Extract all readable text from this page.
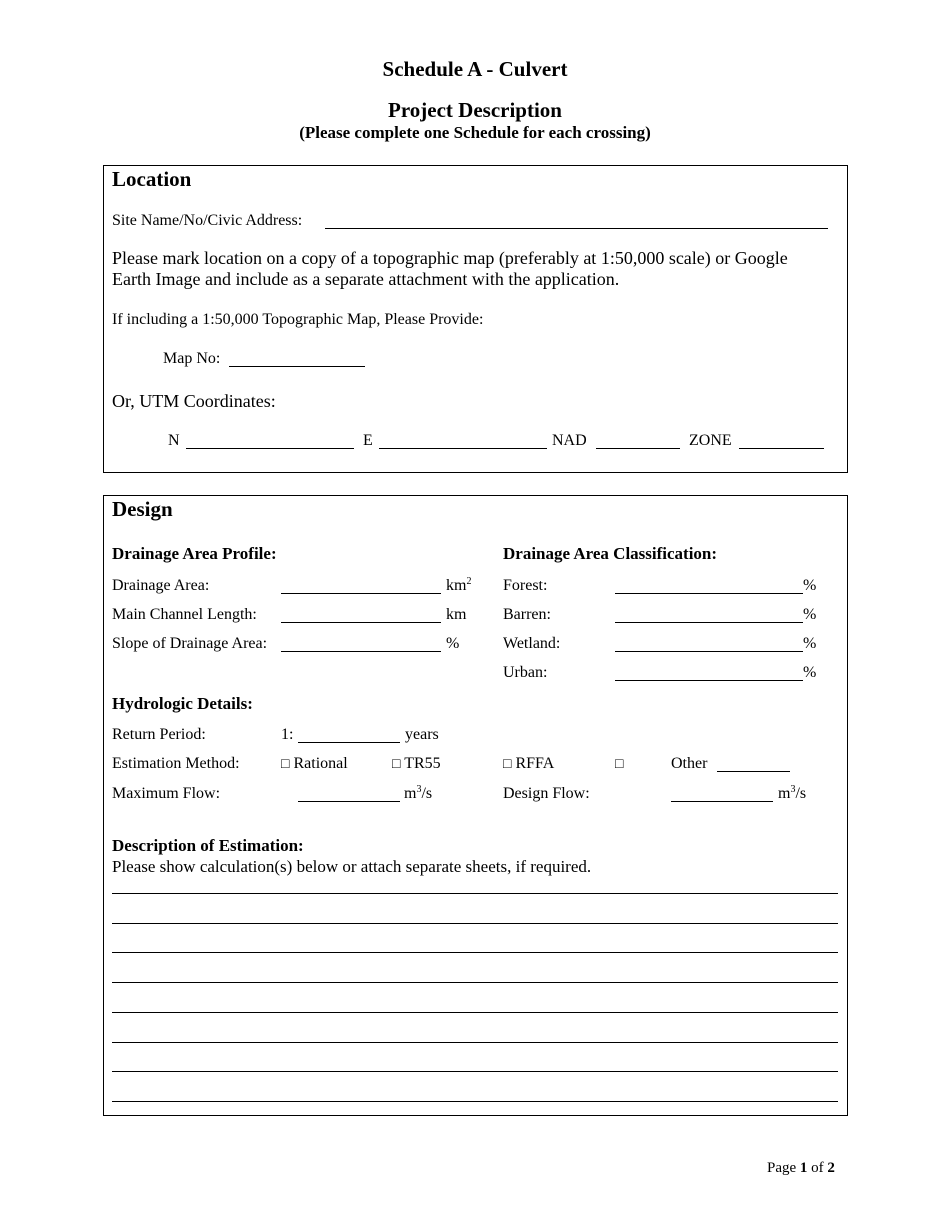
Schedule A - Culvert
Project Description
(Please complete one Schedule for each crossing)
Location
Site Name/No/Civic Address:
Please mark location on a copy of a topographic map (preferably at 1:50,000 scale) or Google
Earth Image and include as a separate attachment with the application.
If including a 1:50,000 Topographic Map, Please Provide:
Map No:
Or, UTM Coordinates:
N	E	NAD	ZONE
Design
Drainage Area Profile:
Drainage Area:	$km^2$
Main Channel Length:	km
Slope of Drainage Area:	%
Drainage Area Classification:
Forest:	%
Barren:	%
Wetland:	%
Urban:	%
Hydrologic Details:
Return Period:	1:	years
Estimation Method:	□ Rational	□ TR55	□ RFFA	□	Other
Maximum Flow:	$m^3/s$	Design Flow:	$m^3/s$
Description of Estimation:
Please show calculation(s) below or attach separate sheets, if required.
Page 1 of 2
